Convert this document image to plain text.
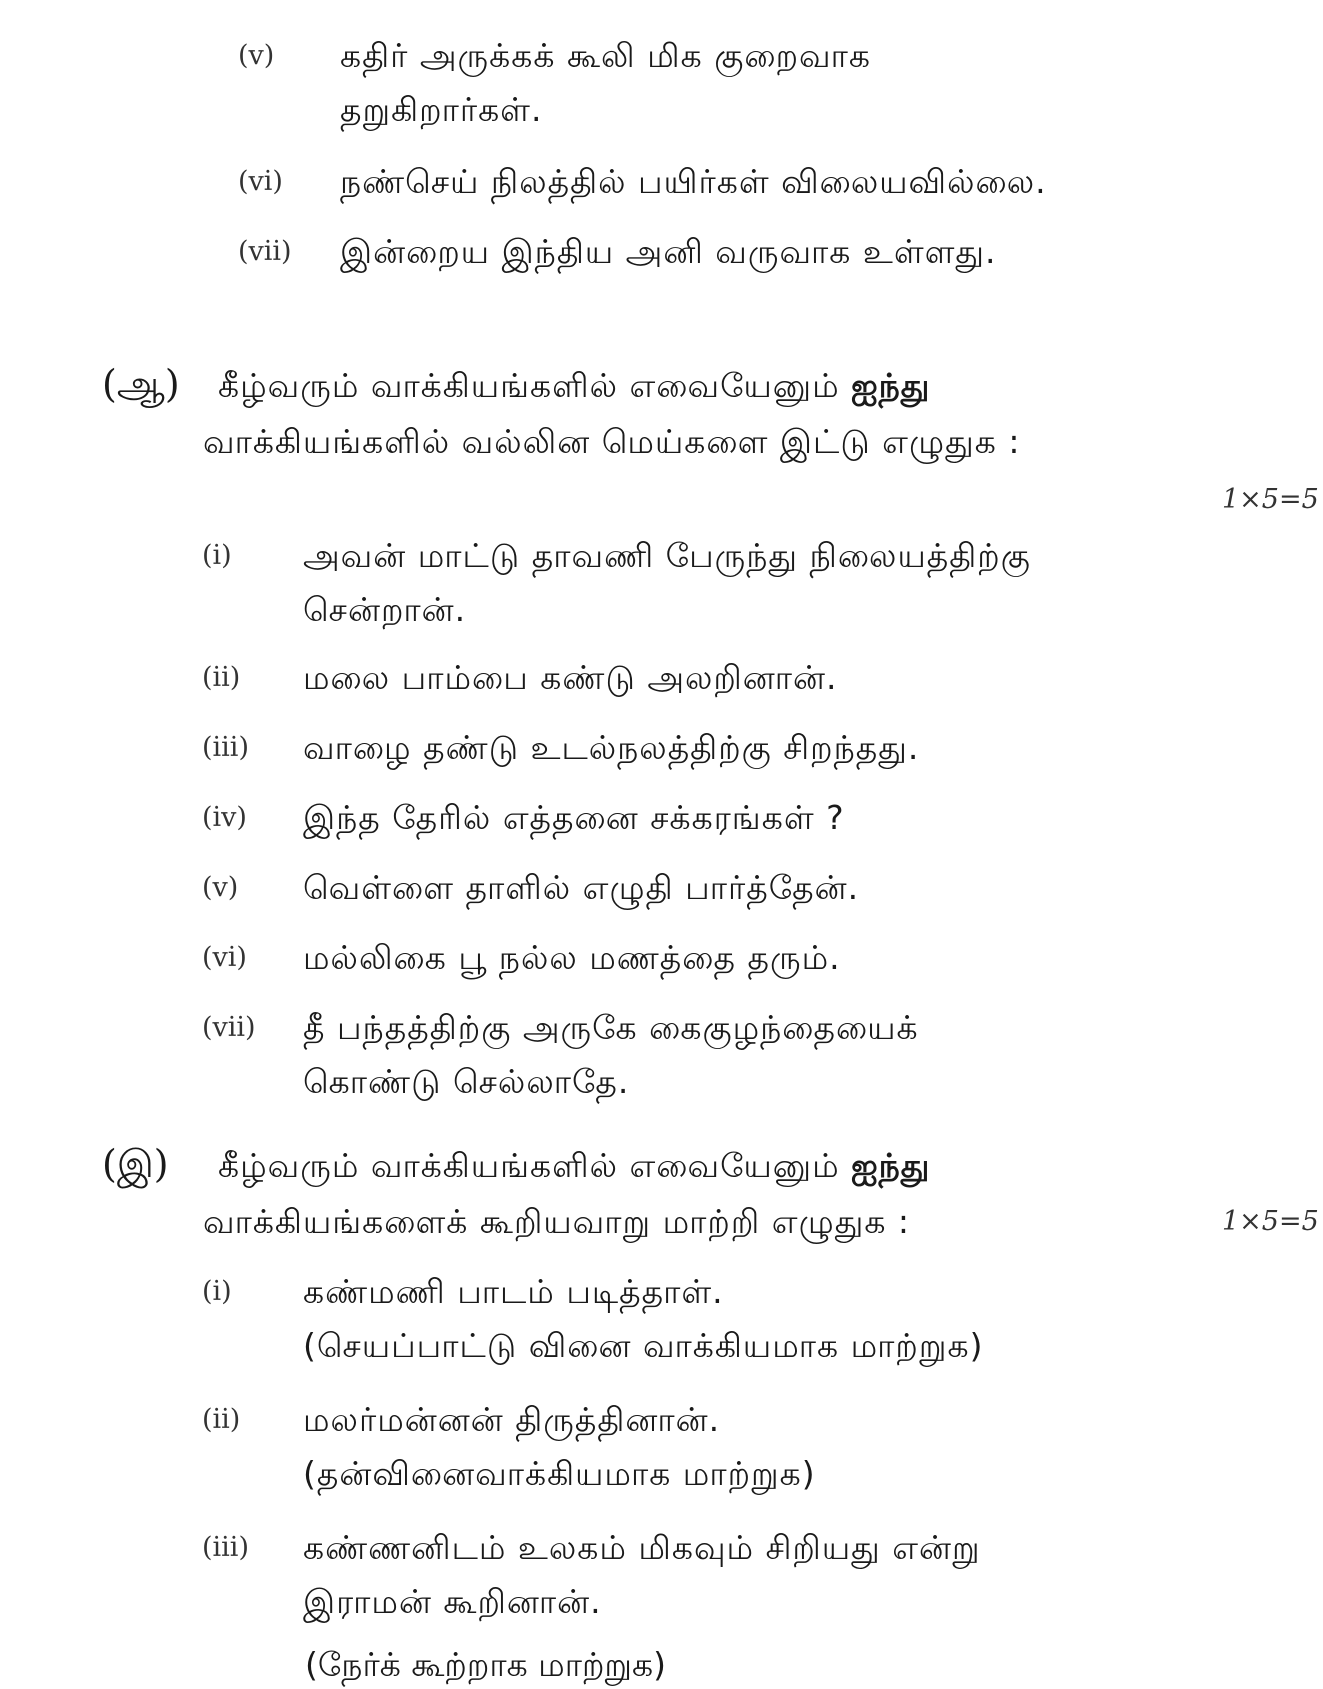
(நேர்க் கூற்றாக மாற்றுக)
(v) கதிர் அருக்கக் கூலி மிக குறைவாக
தறுகிறார்கள்.
(vi) நண்செய் நிலத்தில் பயிர்கள் விலையவில்லை.
(vii) இன்றைய இந்திய அனி வருவாக உள்ளது.
(ஆ) கீழ்வரும் வாக்கியங்களில் எவையேனும் ஐந்து
வாக்கியங்களில் வல்லின மெய்களை இட்டு எழுதுக :
1×5=5
(i) அவன் மாட்டு தாவணி பேருந்து நிலையத்திற்கு
சென்றான்.
(ii) மலை பாம்பை கண்டு அலறினான்.
(iii) வாழை தண்டு உடல்நலத்திற்கு சிறந்தது.
(iv) இந்த தேரில் எத்தனை சக்கரங்கள் ?
(v) வெள்ளை தாளில் எழுதி பார்த்தேன்.
(vi) மல்லிகை பூ நல்ல மணத்தை தரும்.
(vii) தீ பந்தத்திற்கு அருகே கைகுழந்தையைக்
கொண்டு செல்லாதே.
(இ) கீழ்வரும் வாக்கியங்களில் எவையேனும் ஐந்து
வாக்கியங்களைக் கூறியவாறு மாற்றி எழுதுக :	1×5=5
(i) கண்மணி பாடம் படித்தாள்.
(செயப்பாட்டு வினை வாக்கியமாக மாற்றுக)
(ii) மலர்மன்னன் திருத்தினான்.
(தன்வினைவாக்கியமாக மாற்றுக)
(iii) கண்ணனிடம் உலகம் மிகவும் சிறியது என்று
இராமன் கூறினான்.
